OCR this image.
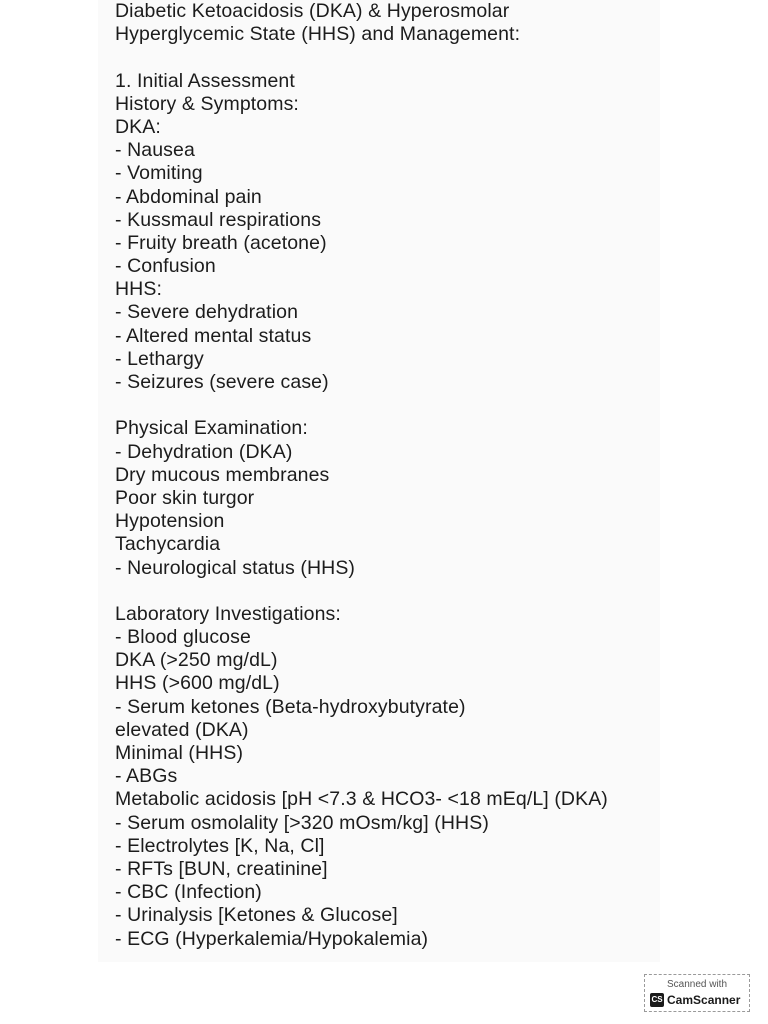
Diabetic Ketoacidosis (DKA) & Hyperosmolar
Hyperglycemic State (HHS) and Management:
1. Initial Assessment
History & Symptoms:
DKA:
- Nausea
- Vomiting
- Abdominal pain
- Kussmaul respirations
- Fruity breath (acetone)
- Confusion
HHS:
- Severe dehydration
- Altered mental status
- Lethargy
- Seizures (severe case)
Physical Examination:
- Dehydration (DKA)
Dry mucous membranes
Poor skin turgor
Hypotension
Tachycardia
- Neurological status (HHS)
Laboratory Investigations:
- Blood glucose
DKA (>250 mg/dL)
HHS (>600 mg/dL)
- Serum ketones (Beta-hydroxybutyrate)
elevated (DKA)
Minimal (HHS)
- ABGs
Metabolic acidosis [pH <7.3 & HCO3- <18 mEq/L] (DKA)
- Serum osmolality [>320 mOsm/kg] (HHS)
- Electrolytes [K, Na, Cl]
- RFTs [BUN, creatinine]
- CBC (Infection)
- Urinalysis [Ketones & Glucose]
- ECG (Hyperkalemia/Hypokalemia)
Scanned with
CS CamScanner
